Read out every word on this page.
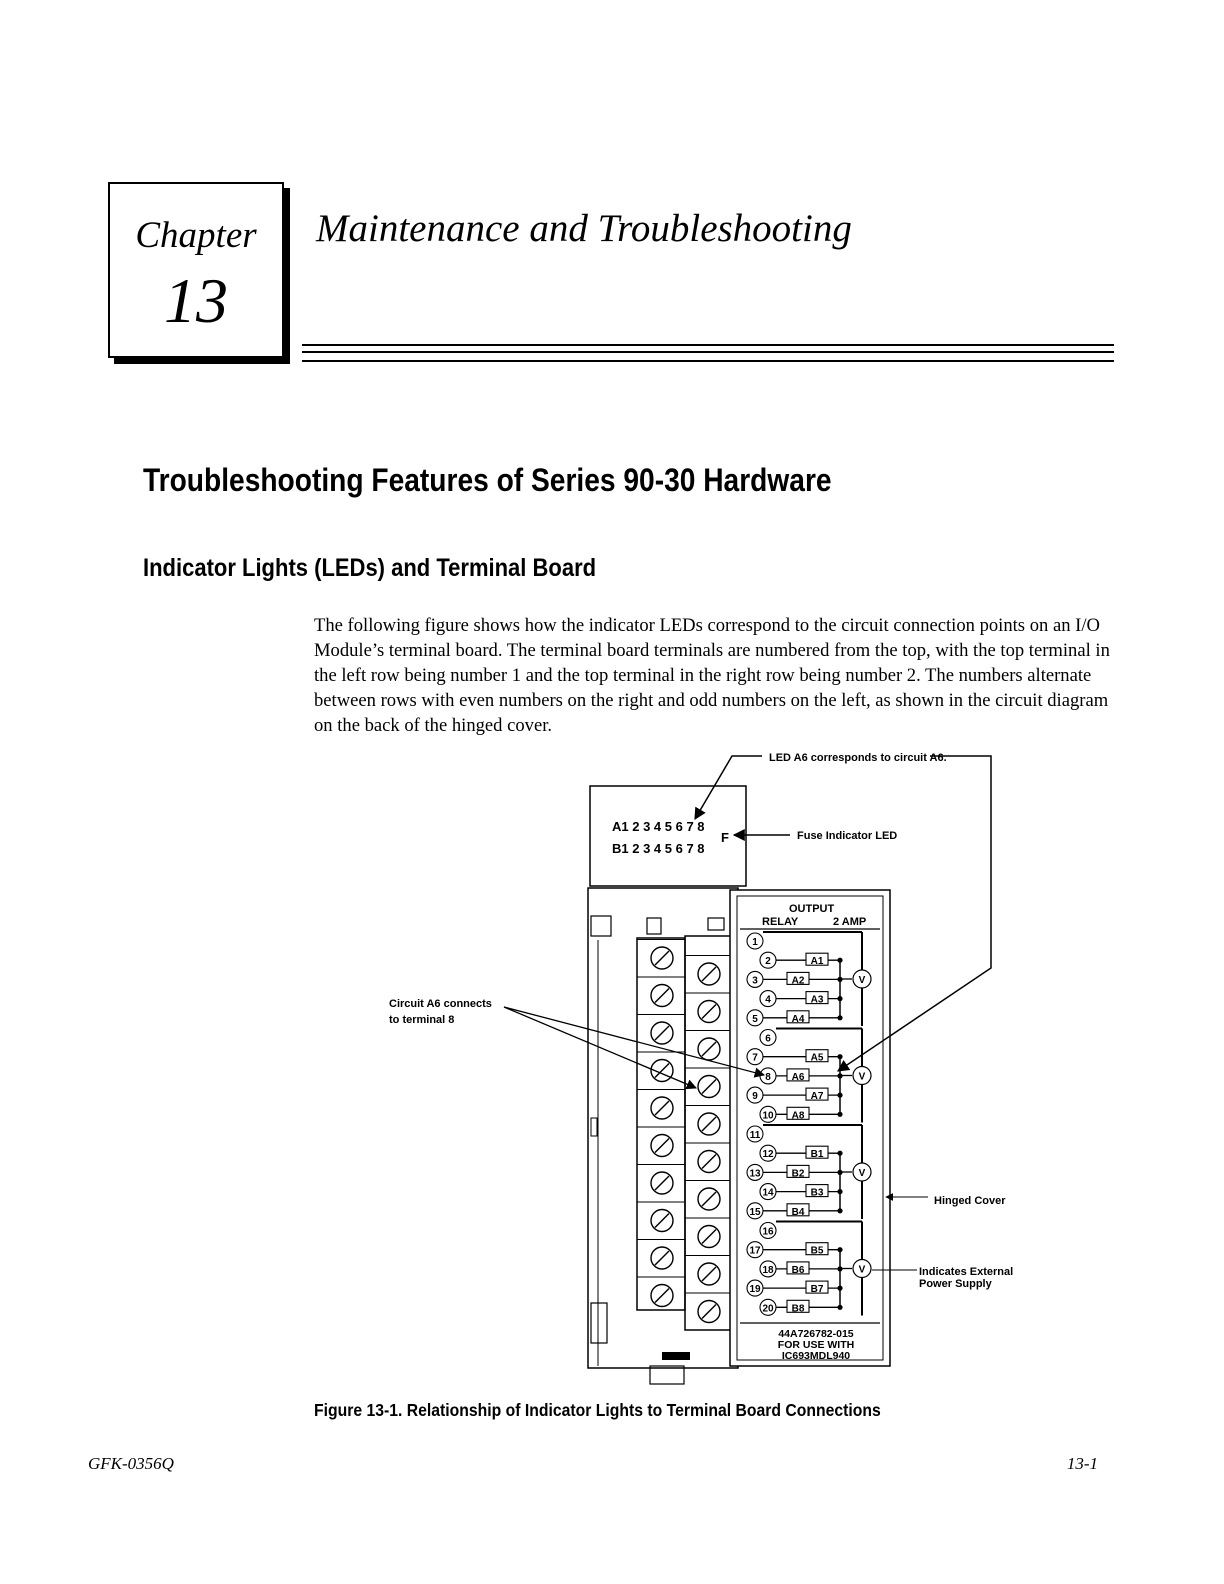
Chapter
13
Maintenance and Troubleshooting
Troubleshooting Features of Series 90-30 Hardware
Indicator Lights (LEDs) and Terminal Board

The following figure shows how the indicator LEDs correspond to the circuit connection points on an I/O Module’s terminal board. The terminal board terminals are numbered from the top, with the top terminal in the left row being number 1 and the top terminal in the right row being number 2. The numbers alternate between rows with even numbers on the right and odd numbers on the left, as shown in the circuit diagram on the back of the hinged cover.

A1 2 3 4 5 6 7 8
B1 2 3 4 5 6 7 8
F
OUTPUT
RELAY	2 AMP
1
2	A1
3	A2
4	A3
5	A4
V
6
7	A5
8 A6
9	A7
10 A8
V
11
12	B1
13	B2
14	B3
15	B4
V
16
17	B5
18 B6
19	B7
20 B8
V
44A726782-015
FOR USE WITH
IC693MDL940
LED A6 corresponds to circuit A6.
Fuse Indicator LED
Circuit A6 connects
to terminal 8
Hinged Cover
Indicates External
Power Supply
Figure 13-1. Relationship of Indicator Lights to Terminal Board Connections
GFK-0356Q	13-1
